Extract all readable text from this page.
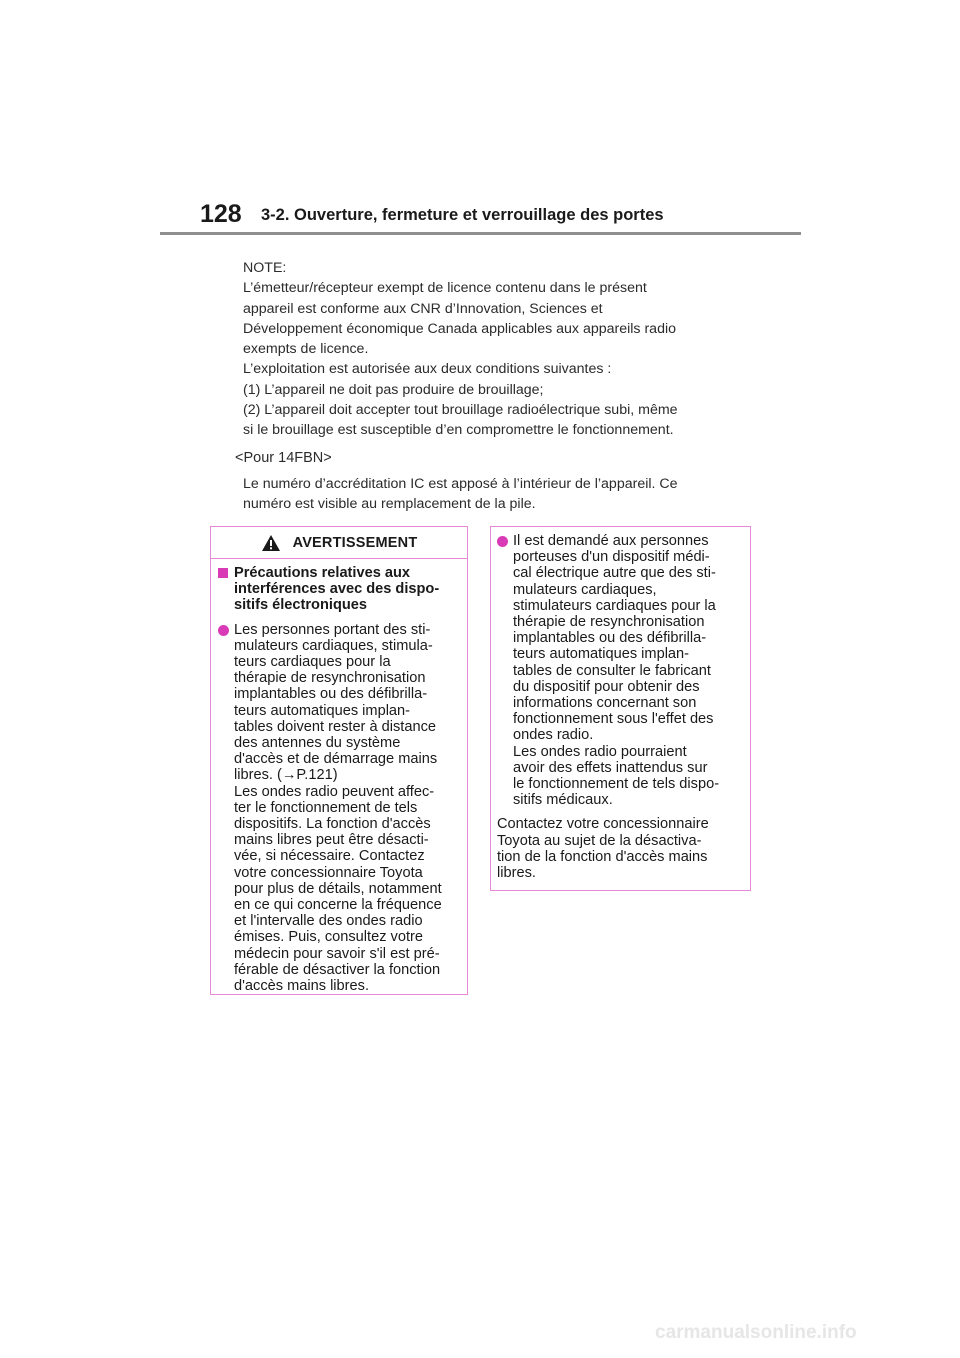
128 3-2. Ouverture, fermeture et verrouillage des portes
NOTE:
L’émetteur/récepteur exempt de licence contenu dans le présent
appareil est conforme aux CNR d’Innovation, Sciences et
Développement économique Canada applicables aux appareils radio
exempts de licence.
L’exploitation est autorisée aux deux conditions suivantes :
(1) L’appareil ne doit pas produire de brouillage;
(2) L’appareil doit accepter tout brouillage radioélectrique subi, même
si le brouillage est susceptible d’en compromettre le fonctionnement.
<Pour 14FBN>
Le numéro d’accréditation IC est apposé à l’intérieur de l’appareil. Ce
numéro est visible au remplacement de la pile.
AVERTISSEMENT
Précautions relatives aux
interférences avec des dispo-
sitifs électroniques
Les personnes portant des sti-
mulateurs cardiaques, stimula-
teurs cardiaques pour la
thérapie de resynchronisation
implantables ou des défibrilla-
teurs automatiques implan-
tables doivent rester à distance
des antennes du système
d'accès et de démarrage mains
libres. (→P.121)
Les ondes radio peuvent affec-
ter le fonctionnement de tels
dispositifs. La fonction d'accès
mains libres peut être désacti-
vée, si nécessaire. Contactez
votre concessionnaire Toyota
pour plus de détails, notamment
en ce qui concerne la fréquence
et l'intervalle des ondes radio
émises. Puis, consultez votre
médecin pour savoir s'il est pré-
férable de désactiver la fonction
d'accès mains libres.
Il est demandé aux personnes
porteuses d'un dispositif médi-
cal électrique autre que des sti-
mulateurs cardiaques,
stimulateurs cardiaques pour la
thérapie de resynchronisation
implantables ou des défibrilla-
teurs automatiques implan-
tables de consulter le fabricant
du dispositif pour obtenir des
informations concernant son
fonctionnement sous l'effet des
ondes radio.
Les ondes radio pourraient
avoir des effets inattendus sur
le fonctionnement de tels dispo-
sitifs médicaux.
Contactez votre concessionnaire
Toyota au sujet de la désactiva-
tion de la fonction d'accès mains
libres.
carmanualsonline.info
